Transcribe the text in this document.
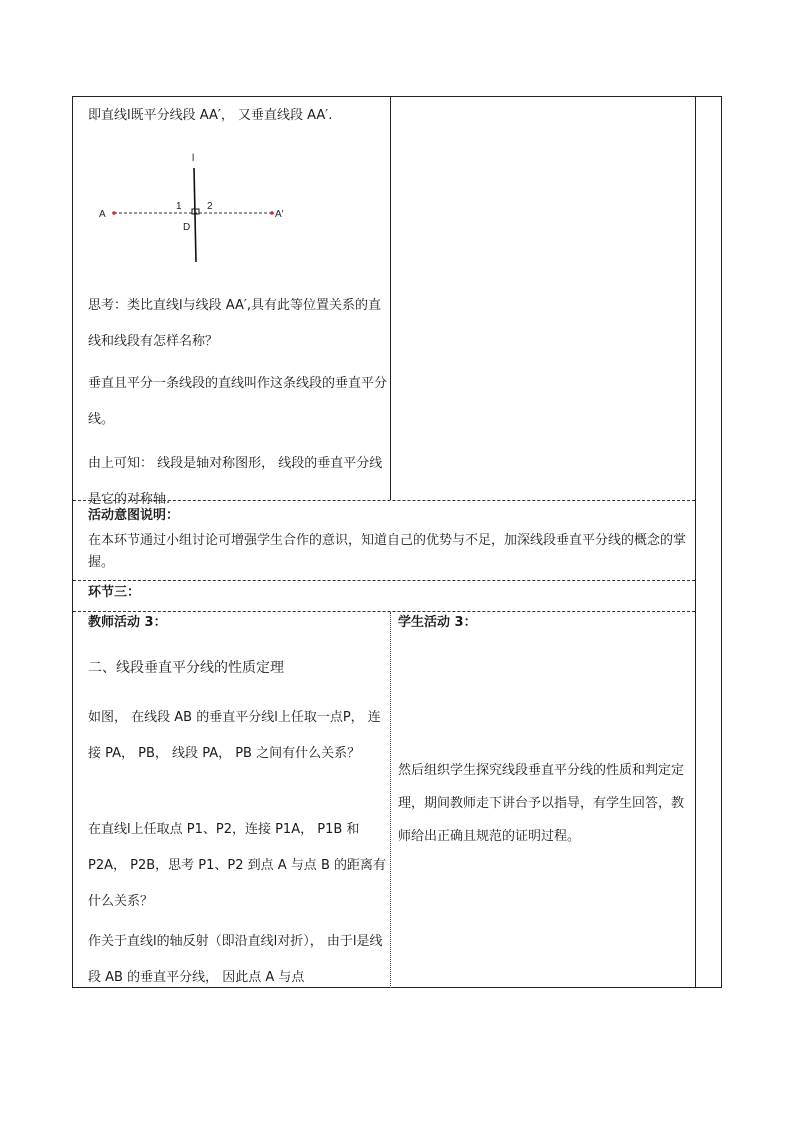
即直线l既平分线段 AA′， 又垂直线段 AA′.

l
A	A′
D
1	2

思考：类比直线l与线段 AA′,具有此等位置关系的直线和线段有怎样名称？

垂直且平分一条线段的直线叫作这条线段的垂直平分线。

由上可知： 线段是轴对称图形， 线段的垂直平分线是它的对称轴.

活动意图说明：

在本环节通过小组讨论可增强学生合作的意识，知道自己的优势与不足，加深线段垂直平分线的概念的掌握。

环节三：

教师活动 3：

二、线段垂直平分线的性质定理

如图， 在线段 AB 的垂直平分线l上任取一点P， 连接 PA， PB， 线段 PA， PB 之间有什么关系？

在直线l上任取点 P1、P2，连接 P1A， P1B 和P2A， P2B，思考 P1、P2 到点 A 与点 B 的距离有什么关系？

作关于直线l的轴反射（即沿直线l对折）， 由于l是线段 AB 的垂直平分线， 因此点 A 与点

学生活动 3：

然后组织学生探究线段垂直平分线的性质和判定定理，期间教师走下讲台予以指导，有学生回答，教师给出正确且规范的证明过程。
